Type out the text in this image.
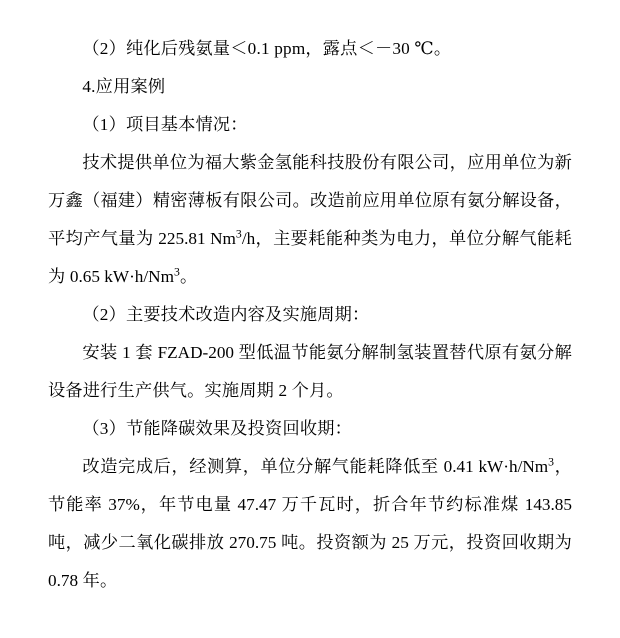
（2）纯化后残氨量＜0.1 ppm，露点＜－30 ℃。
4.应用案例
（1）项目基本情况：
技术提供单位为福大紫金氢能科技股份有限公司，应用单位为新万鑫（福建）精密薄板有限公司。改造前应用单位原有氨分解设备，平均产气量为 225.81 Nm$^3$/h，主要耗能种类为电力，单位分解气能耗为 0.65 $kW\cdot h/Nm^3$。
（2）主要技术改造内容及实施周期：
安装 1 套 FZAD-200 型低温节能氨分解制氢装置替代原有氨分解设备进行生产供气。实施周期 2 个月。
（3）节能降碳效果及投资回收期：
改造完成后，经测算，单位分解气能耗降低至 0.41 $kW\cdot h/Nm^3$，节能率 37%，年节电量 47.47 万千瓦时，折合年节约标准煤 143.85 吨，减少二氧化碳排放 270.75 吨。投资额为 25 万元，投资回收期为 0.78 年。
